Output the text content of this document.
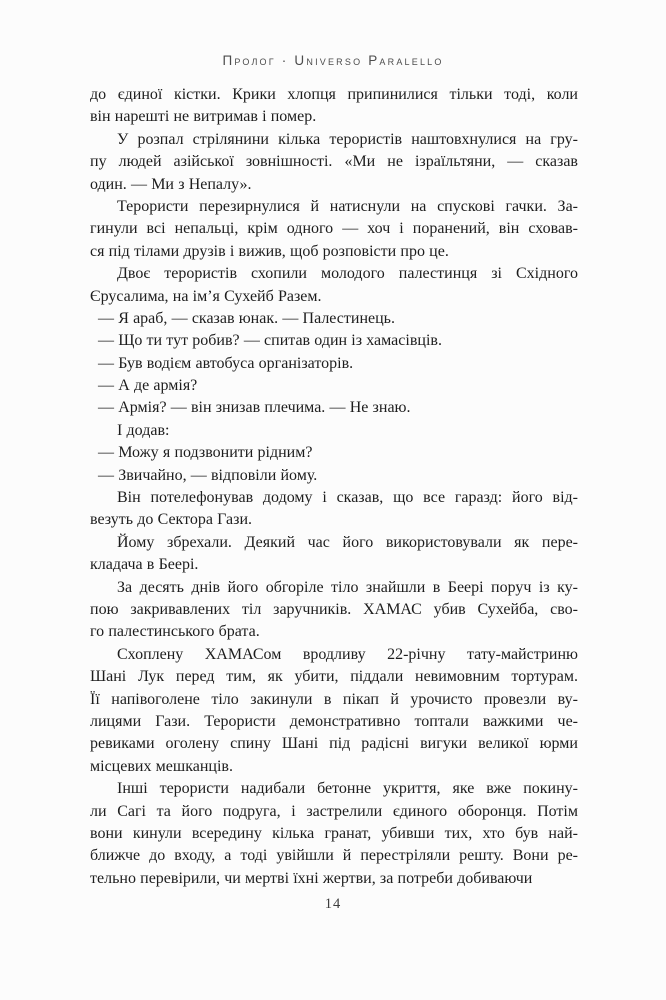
Пролог · Universo Paralello
до єдиної кістки. Крики хлопця припинилися тільки тоді, коли
він нарешті не витримав і помер.
У розпал стрілянини кілька терористів наштовхнулися на гру-
пу людей азійської зовнішності. «Ми не ізраїльтяни, — сказав
один. — Ми з Непалу».
Терористи перезирнулися й натиснули на спускові гачки. За-
гинули всі непальці, крім одного — хоч і поранений, він сховав-
ся під тілами друзів і вижив, щоб розповісти про це.
Двоє терористів схопили молодого палестинця зі Східного
Єрусалима, на ім’я Сухейб Разем.
— Я араб, — сказав юнак. — Палестинець.
— Що ти тут робив? — спитав один із хамасівців.
— Був водієм автобуса організаторів.
— А де армія?
— Армія? — він знизав плечима. — Не знаю.
І додав:
— Можу я подзвонити рідним?
— Звичайно, — відповіли йому.
Він потелефонував додому і сказав, що все гаразд: його від-
везуть до Сектора Гази.
Йому збрехали. Деякий час його використовували як пере-
кладача в Беері.
За десять днів його обгоріле тіло знайшли в Беері поруч із ку-
пою закривавлених тіл заручників. ХАМАС убив Сухейба, сво-
го палестинського брата.
Схоплену ХАМАСом вродливу 22-річну тату-майстриню
Шані Лук перед тим, як убити, піддали невимовним тортурам.
Її напівоголене тіло закинули в пікап й урочисто провезли ву-
лицями Гази. Терористи демонстративно топтали важкими че-
ревиками оголену спину Шані під радісні вигуки великої юрми
місцевих мешканців.
Інші терористи надибали бетонне укриття, яке вже покину-
ли Сагі та його подруга, і застрелили єдиного оборонця. Потім
вони кинули всередину кілька гранат, убивши тих, хто був най-
ближче до входу, а тоді увійшли й перестріляли решту. Вони ре-
тельно перевірили, чи мертві їхні жертви, за потреби добиваючи
14
